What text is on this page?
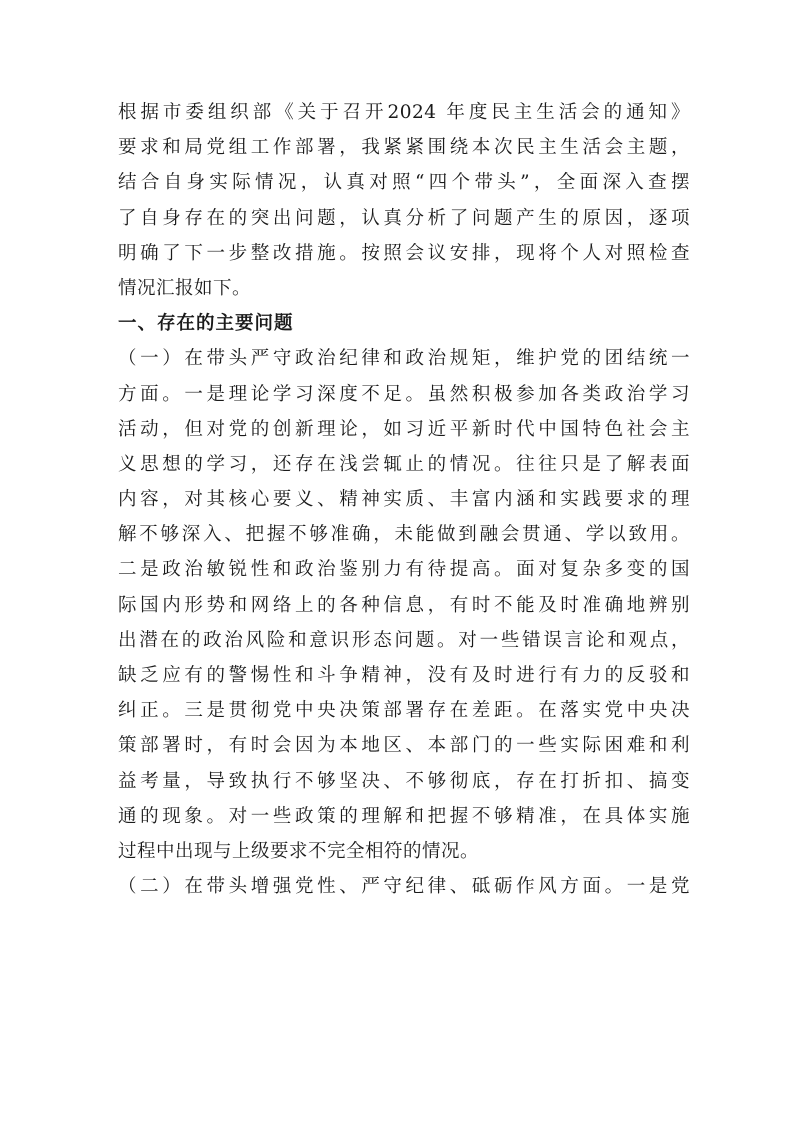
根据市委组织部《关于召开2024 年度民主生活会的通知》
要求和局党组工作部署，我紧紧围绕本次民主生活会主题，
结合自身实际情况，认真对照“四个带头”，全面深入查摆
了自身存在的突出问题，认真分析了问题产生的原因，逐项
明确了下一步整改措施。按照会议安排，现将个人对照检查
情况汇报如下。
一、存在的主要问题
（一）在带头严守政治纪律和政治规矩，维护党的团结统一
方面。一是理论学习深度不足。虽然积极参加各类政治学习
活动，但对党的创新理论，如习近平新时代中国特色社会主
义思想的学习，还存在浅尝辄止的情况。往往只是了解表面
内容，对其核心要义、精神实质、丰富内涵和实践要求的理
解不够深入、把握不够准确，未能做到融会贯通、学以致用。
二是政治敏锐性和政治鉴别力有待提高。面对复杂多变的国
际国内形势和网络上的各种信息，有时不能及时准确地辨别
出潜在的政治风险和意识形态问题。对一些错误言论和观点，
缺乏应有的警惕性和斗争精神，没有及时进行有力的反驳和
纠正。三是贯彻党中央决策部署存在差距。在落实党中央决
策部署时，有时会因为本地区、本部门的一些实际困难和利
益考量，导致执行不够坚决、不够彻底，存在打折扣、搞变
通的现象。对一些政策的理解和把握不够精准，在具体实施
过程中出现与上级要求不完全相符的情况。
（二）在带头增强党性、严守纪律、砥砺作风方面。一是党
